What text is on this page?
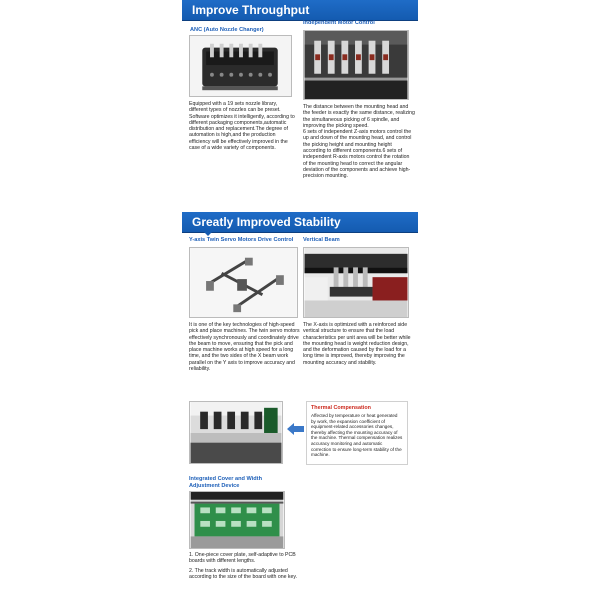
Improve Throughput
ANC (Auto Nozzle Changer)
Equipped with a 19 sets nozzle library, different types of nozzles can be preset. Software optimizes it intelligently, according to different packaging components,automatic distribution and replacement.The degree of automation is high,and the production efficiency will be effectively improved in the case of a wide variety of components.
Independent Motor Control
The distance between the mounting head and the feeder is exactly the same distance, realizing the simultaneous picking of 6 spindle, and improving the picking speed.
6 sets of independent Z-axis motors control the up and down of the mounting head, and control the picking height and mounting height according to different components.6 sets of independent R-axis motors control the rotation of the mounting head to correct the angular deviation of the components and achieve high-precision mounting.
Greatly Improved Stability
Y-axis Twin Servo Motors Drive Control
It is one of the key technologies of high-speed pick and place machines. The twin servo motors effectively synchronously and coordinately drive the beam to move, ensuring that the pick and place machine works at high speed for a long time, and the two sides of the X beam work parallel on the Y axis to improve accuracy and reliability.
Vertical Beam
The X-axis is optimized with a reinforced side vertical structure to ensure that the load characteristics per unit area will be better while the mounting head is weight reduction design, and the deformation caused by the load for a long time is improved, thereby improving the mounting accuracy and stability.
Thermal Compensation
Affected by temperature or heat generated by work, the expansion coefficient of equipment-related accessories changes, thereby affecting the mounting accuracy of the machine. Thermal compensation realizes accuracy monitoring and automatic correction to ensure long-term stability of the machine.
Integrated Cover and Width
Adjustment Device
1. One-piece cover plate, self-adaptive to PCB boards with different lengths.
2. The track width is automatically adjusted according to the size of the board with one key.
